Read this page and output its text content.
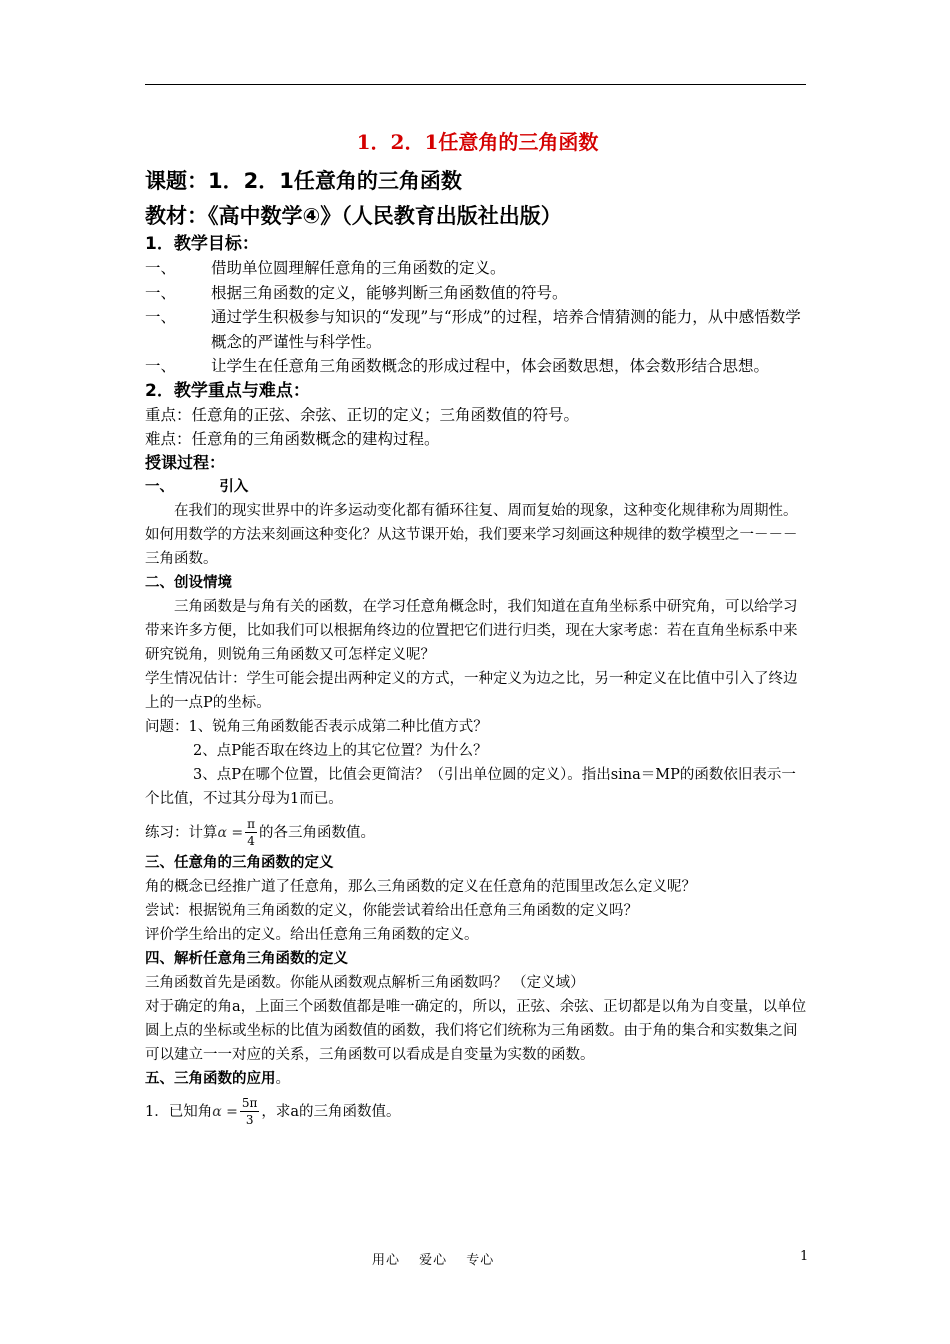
1．2．1任意角的三角函数
课题：1．2．1任意角的三角函数
教材：《高中数学④》（人民教育出版社出版）
1．教学目标：
一、	借助单位圆理解任意角的三角函数的定义。
一、	根据三角函数的定义，能够判断三角函数值的符号。
一、	通过学生积极参与知识的“发现”与“形成”的过程，培养合情猜测的能力，从中感悟数学概念的严谨性与科学性。
一、	让学生在任意角三角函数概念的形成过程中，体会函数思想，体会数形结合思想。
2．教学重点与难点：
重点：任意角的正弦、余弦、正切的定义；三角函数值的符号。
难点：任意角的三角函数概念的建构过程。
授课过程：
一、         引入
在我们的现实世界中的许多运动变化都有循环往复、周而复始的现象，这种变化规律称为周期性。如何用数学的方法来刻画这种变化？从这节课开始，我们要来学习刻画这种规律的数学模型之一－－－三角函数。
二、创设情境
三角函数是与角有关的函数，在学习任意角概念时，我们知道在直角坐标系中研究角，可以给学习带来许多方便，比如我们可以根据角终边的位置把它们进行归类，现在大家考虑：若在直角坐标系中来研究锐角，则锐角三角函数又可怎样定义呢？
学生情况估计：学生可能会提出两种定义的方式，一种定义为边之比，另一种定义在比值中引入了终边上的一点P的坐标。
问题：1、锐角三角函数能否表示成第二种比值方式？
2、点P能否取在终边上的其它位置？为什么？
3、点P在哪个位置，比值会更简洁？（引出单位圆的定义）。指出sina＝MP的函数依旧表示一个比值，不过其分母为1而已。
练习：计算$\alpha = \frac{\pi}{4}$ 的各三角函数值。
三、任意角的三角函数的定义
角的概念已经推广道了任意角，那么三角函数的定义在任意角的范围里改怎么定义呢？
尝试：根据锐角三角函数的定义，你能尝试着给出任意角三角函数的定义吗？
评价学生给出的定义。给出任意角三角函数的定义。
四、解析任意角三角函数的定义
三角函数首先是函数。你能从函数观点解析三角函数吗？ （定义域）
对于确定的角a，上面三个函数值都是唯一确定的，所以，正弦、余弦、正切都是以角为自变量，以单位圆上点的坐标或坐标的比值为函数值的函数，我们将它们统称为三角函数。由于角的集合和实数集之间可以建立一一对应的关系，三角函数可以看成是自变量为实数的函数。
五、三角函数的应用。
1．已知角$\alpha = \frac{5\pi}{3}$ ，求a的三角函数值。
用心　 爱心　 专心	1
